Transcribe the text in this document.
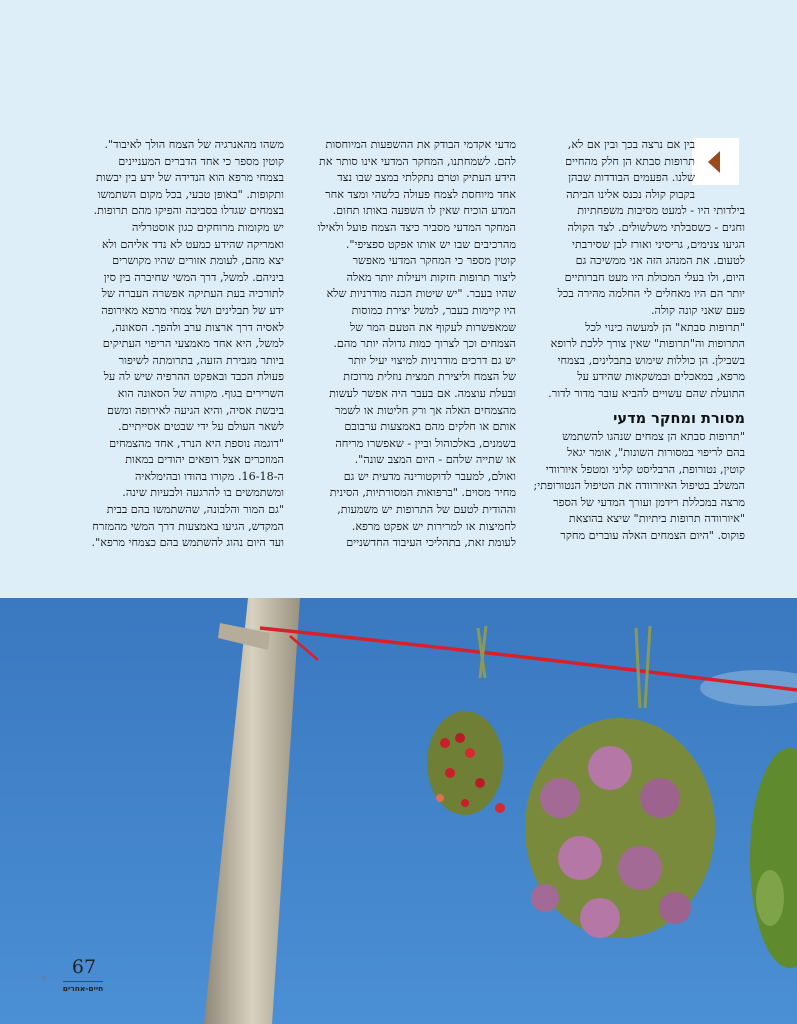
בין אם נרצה בכך ובין אם לא,

תרופות סבתא הן חלק מהחיים

שלנו. הפעמים הבודדות שבהן

בקבוק קולה נכנס אלינו הביתה

בילדותי היו - למעט מסיבות משפחתיות

וחגים - כשסבלתי משלשולים. לצד הקולה

הגיעו צנימים, גריסיני ואורז לבן שסירבתי

לטעום. את המנהג הזה אני ממשיכה גם

היום, ולו בעלי המכולת היו מעט חברותיים

יותר הם היו מאחלים לי החלמה מהירה בכל

פעם שאני קונה קולה.

"תרופות סבתא" הן למעשה כינוי לכל

התרופות וה"תרופות" שאין צורך ללכת לרופא

בשבילן. הן כוללות שימוש בתבלינים, בצמחי

מרפא, במאכלים ובמשקאות שהידע על

התועלת שהם עשויים להביא עובר מדור לדור.

מסורת ומחקר מדעי

"תרופות סבתא הן צמחים שנהגו להשתמש

בהם לריפוי במסורות השונות", אומר יגאל

קוטין, נטורופת, הרבליסט קליני ומטפל איורוודי

המשלב בטיפול האיורוודה את הטיפול הנטורופתי;

מרצה במכללת רידמן ועורך המדעי של הספר

"איורוודה תרופות ביתיות" שיצא בהוצאת

פוקוס. "היום הצמחים האלה עוברים מחקר

מדעי אקדמי הבודק את ההשפעות המיוחסות

להם. לשמחתנו, המחקר המדעי אינו סותר את

הידע העתיק וטרם נתקלתי במצב שבו נצד

אחד מיוחסת לצמח פעולה כלשהי ומצד אחר

המדע הוכיח שאין לו השפעה באותו תחום.

המחקר המדעי מסביר כיצד הצמח פועל ולאילו

מהרכיבים שבו יש אותו אפקט ספציפי".

קוטין מספר כי המחקר המדעי מאפשר

ליצור תרופות חזקות ויעילות יותר מאלה

שהיו בעבר. "יש שיטות הכנה מודרניות שלא

היו קיימות בעבר, למשל יצירת כמוסות

שמאפשרות לעקוף את הטעם המר של

הצמחים וכך לצרוך כמות גדולה יותר מהם.

יש גם דרכים מודרניות למיצוי יעיל יותר

של הצמח וליצירת תמצית נוזלית מרוכזת

ובעלת עוצמה. אם בעבר היה אפשר לעשות

מהצמחים האלה אך ורק חליטות או לשמר

אותם או חלקים מהם באמצעות ערבובם

בשמנים, באלכוהול וביין - שאפשרו מריחה

או שתייה שלהם - היום המצב שונה".

ואולם, למעבר לדוקטורינה מדעית יש גם

מחיר מסוים. "ברפואות המסורתיות, הסינית

וההודית לטעם של התרופות יש משמעות,

לחמיצות או למרירות יש אפקט מרפא.

לעומת זאת, בתהליכי העיבוד החדשניים

משהו מהאנרגיה של הצמח הולך לאיבוד".

קוטין מספר כי אחד הדברים המעניינים

בצמחי מרפא הוא הנדידה של ידע בין יבשות

ותקופות. "באופן טבעי, בכל מקום השתמשו

בצמחים שגדלו בסביבה והפיקו מהם תרופות.

יש מקומות מרוחקים כגון אוסטרליה

ואמריקה שהידע כמעט לא נדד אליהם ולא

יצא מהם, לעומת אזורים שהיו מקושרים

ביניהם. למשל, דרך המשי שחיברה בין סין

לתורכיה בעת העתיקה אפשרה העברה של

ידע של תבלינים ושל צמחי מרפא מאירופה

לאסיה דרך ארצות ערב ולהפך. הסאונה,

למשל, היא אחד מאמצעי הריפוי העתיקים

ביותר מגבירת הזעה, בתרומתה לשיפור

פעולת הכבד ובאפקט ההרפיה שיש לה על

השרירים בגוף. מקורה של הסאונה הוא

ביבשת אסיה, והיא הגיעה לאירופה ומשם

לשאר העולם על ידי שבטים אסייתיים.

"דוגמה נוספת היא הנרד, אחד מהצמחים

המוזכרים אצל רופאים יהודים במאות

ה-16-18. מקורו בהודו ובהימלאיה

ומשתמשים בו להרגעה ולבעיות שינה.

"גם המור והלבונה, שהשתמשו בהם בבית

המקדש, הגיעו באמצעות דרך המשי מהמזרח

ועד היום נהוג להשתמש בהם כצמחי מרפא".

‹ 67
חיים-אחרים
